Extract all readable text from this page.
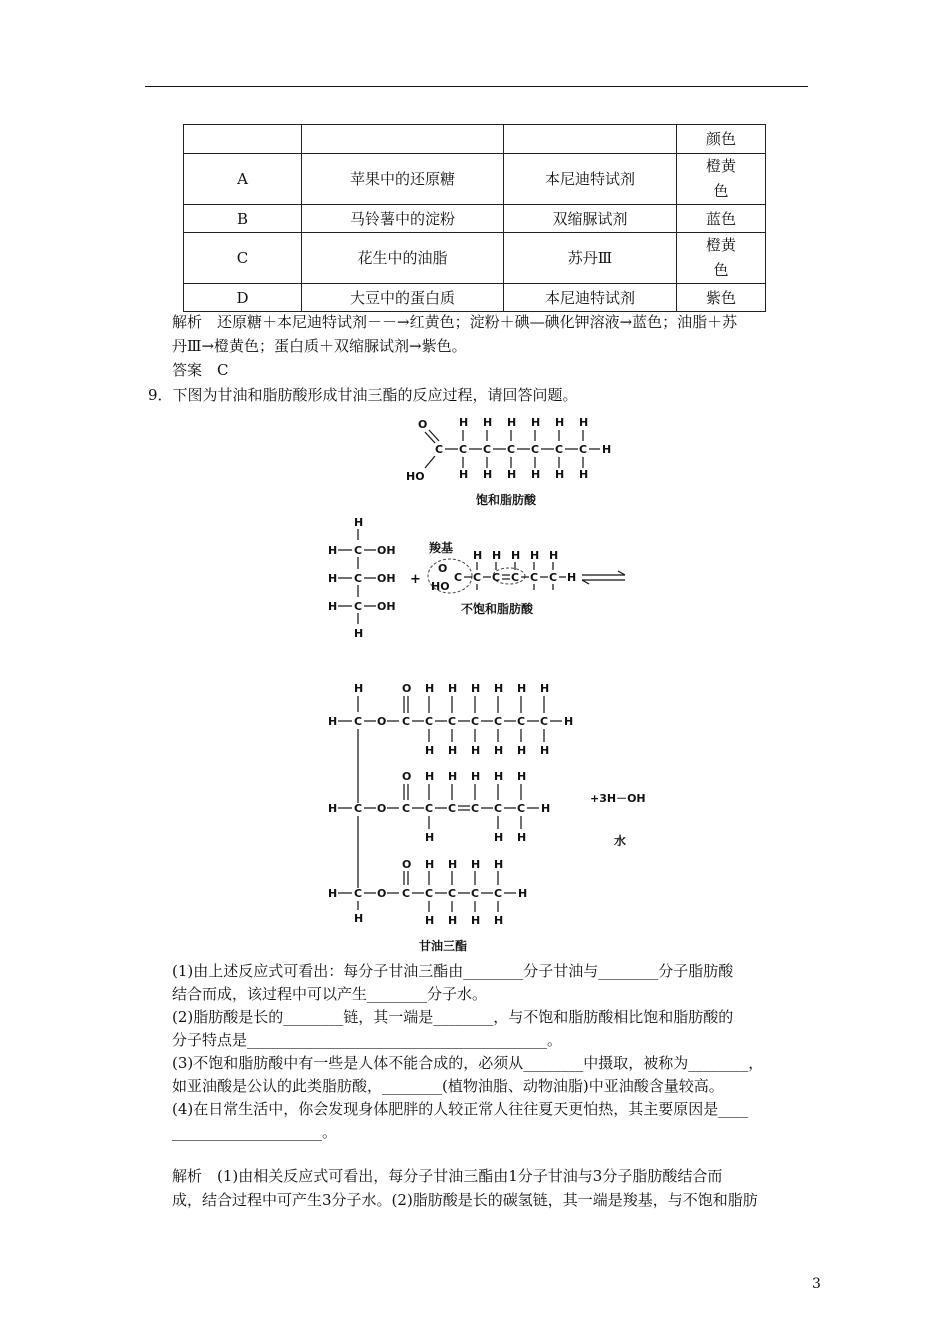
			颜色
A	苹果中的还原糖	本尼迪特试剂	橙黄色

B	马铃薯中的淀粉	双缩脲试剂	蓝色
C	花生中的油脂	苏丹Ⅲ	橙黄色

D	大豆中的蛋白质	本尼迪特试剂	紫色
解析　还原糖＋本尼迪特试剂－－→红黄色；淀粉＋碘—碘化钾溶液→蓝色；油脂＋苏
丹Ⅲ→橙黄色；蛋白质＋双缩脲试剂→紫色。
答案　C
9．下图为甘油和脂肪酸形成甘油三酯的反应过程，请回答问题。
O
C
HO
C C C C C C H
H H H H H H
H H H H H H
饱和脂肪酸
H
H C OH
H C OH
H C OH
H
+
羧基
O
HO
C C C C C C H
H H H H H
不饱和脂肪酸
H
H C
H C
H C
H
O
O
C C C C C C C H
H H H H H H
H H H H H H
O
O
C C C C C C H
H H H H H
H	H H
O
O
C C C C C H
H H H H
H H H H
+3H－OH
水
甘油三酯
(1)由上述反应式可看出：每分子甘油三酯由________分子甘油与________分子脂肪酸
结合而成，该过程中可以产生________分子水。
(2)脂肪酸是长的________链，其一端是________，与不饱和脂肪酸相比饱和脂肪酸的
分子特点是________________________________________。
(3)不饱和脂肪酸中有一些是人体不能合成的，必须从________中摄取，被称为________，
如亚油酸是公认的此类脂肪酸，________(植物油脂、动物油脂)中亚油酸含量较高。
(4)在日常生活中，你会发现身体肥胖的人较正常人往往夏天更怕热，其主要原因是____
____________________。
解析　(1)由相关反应式可看出，每分子甘油三酯由1分子甘油与3分子脂肪酸结合而
成，结合过程中可产生3分子水。(2)脂肪酸是长的碳氢链，其一端是羧基，与不饱和脂肪
3
